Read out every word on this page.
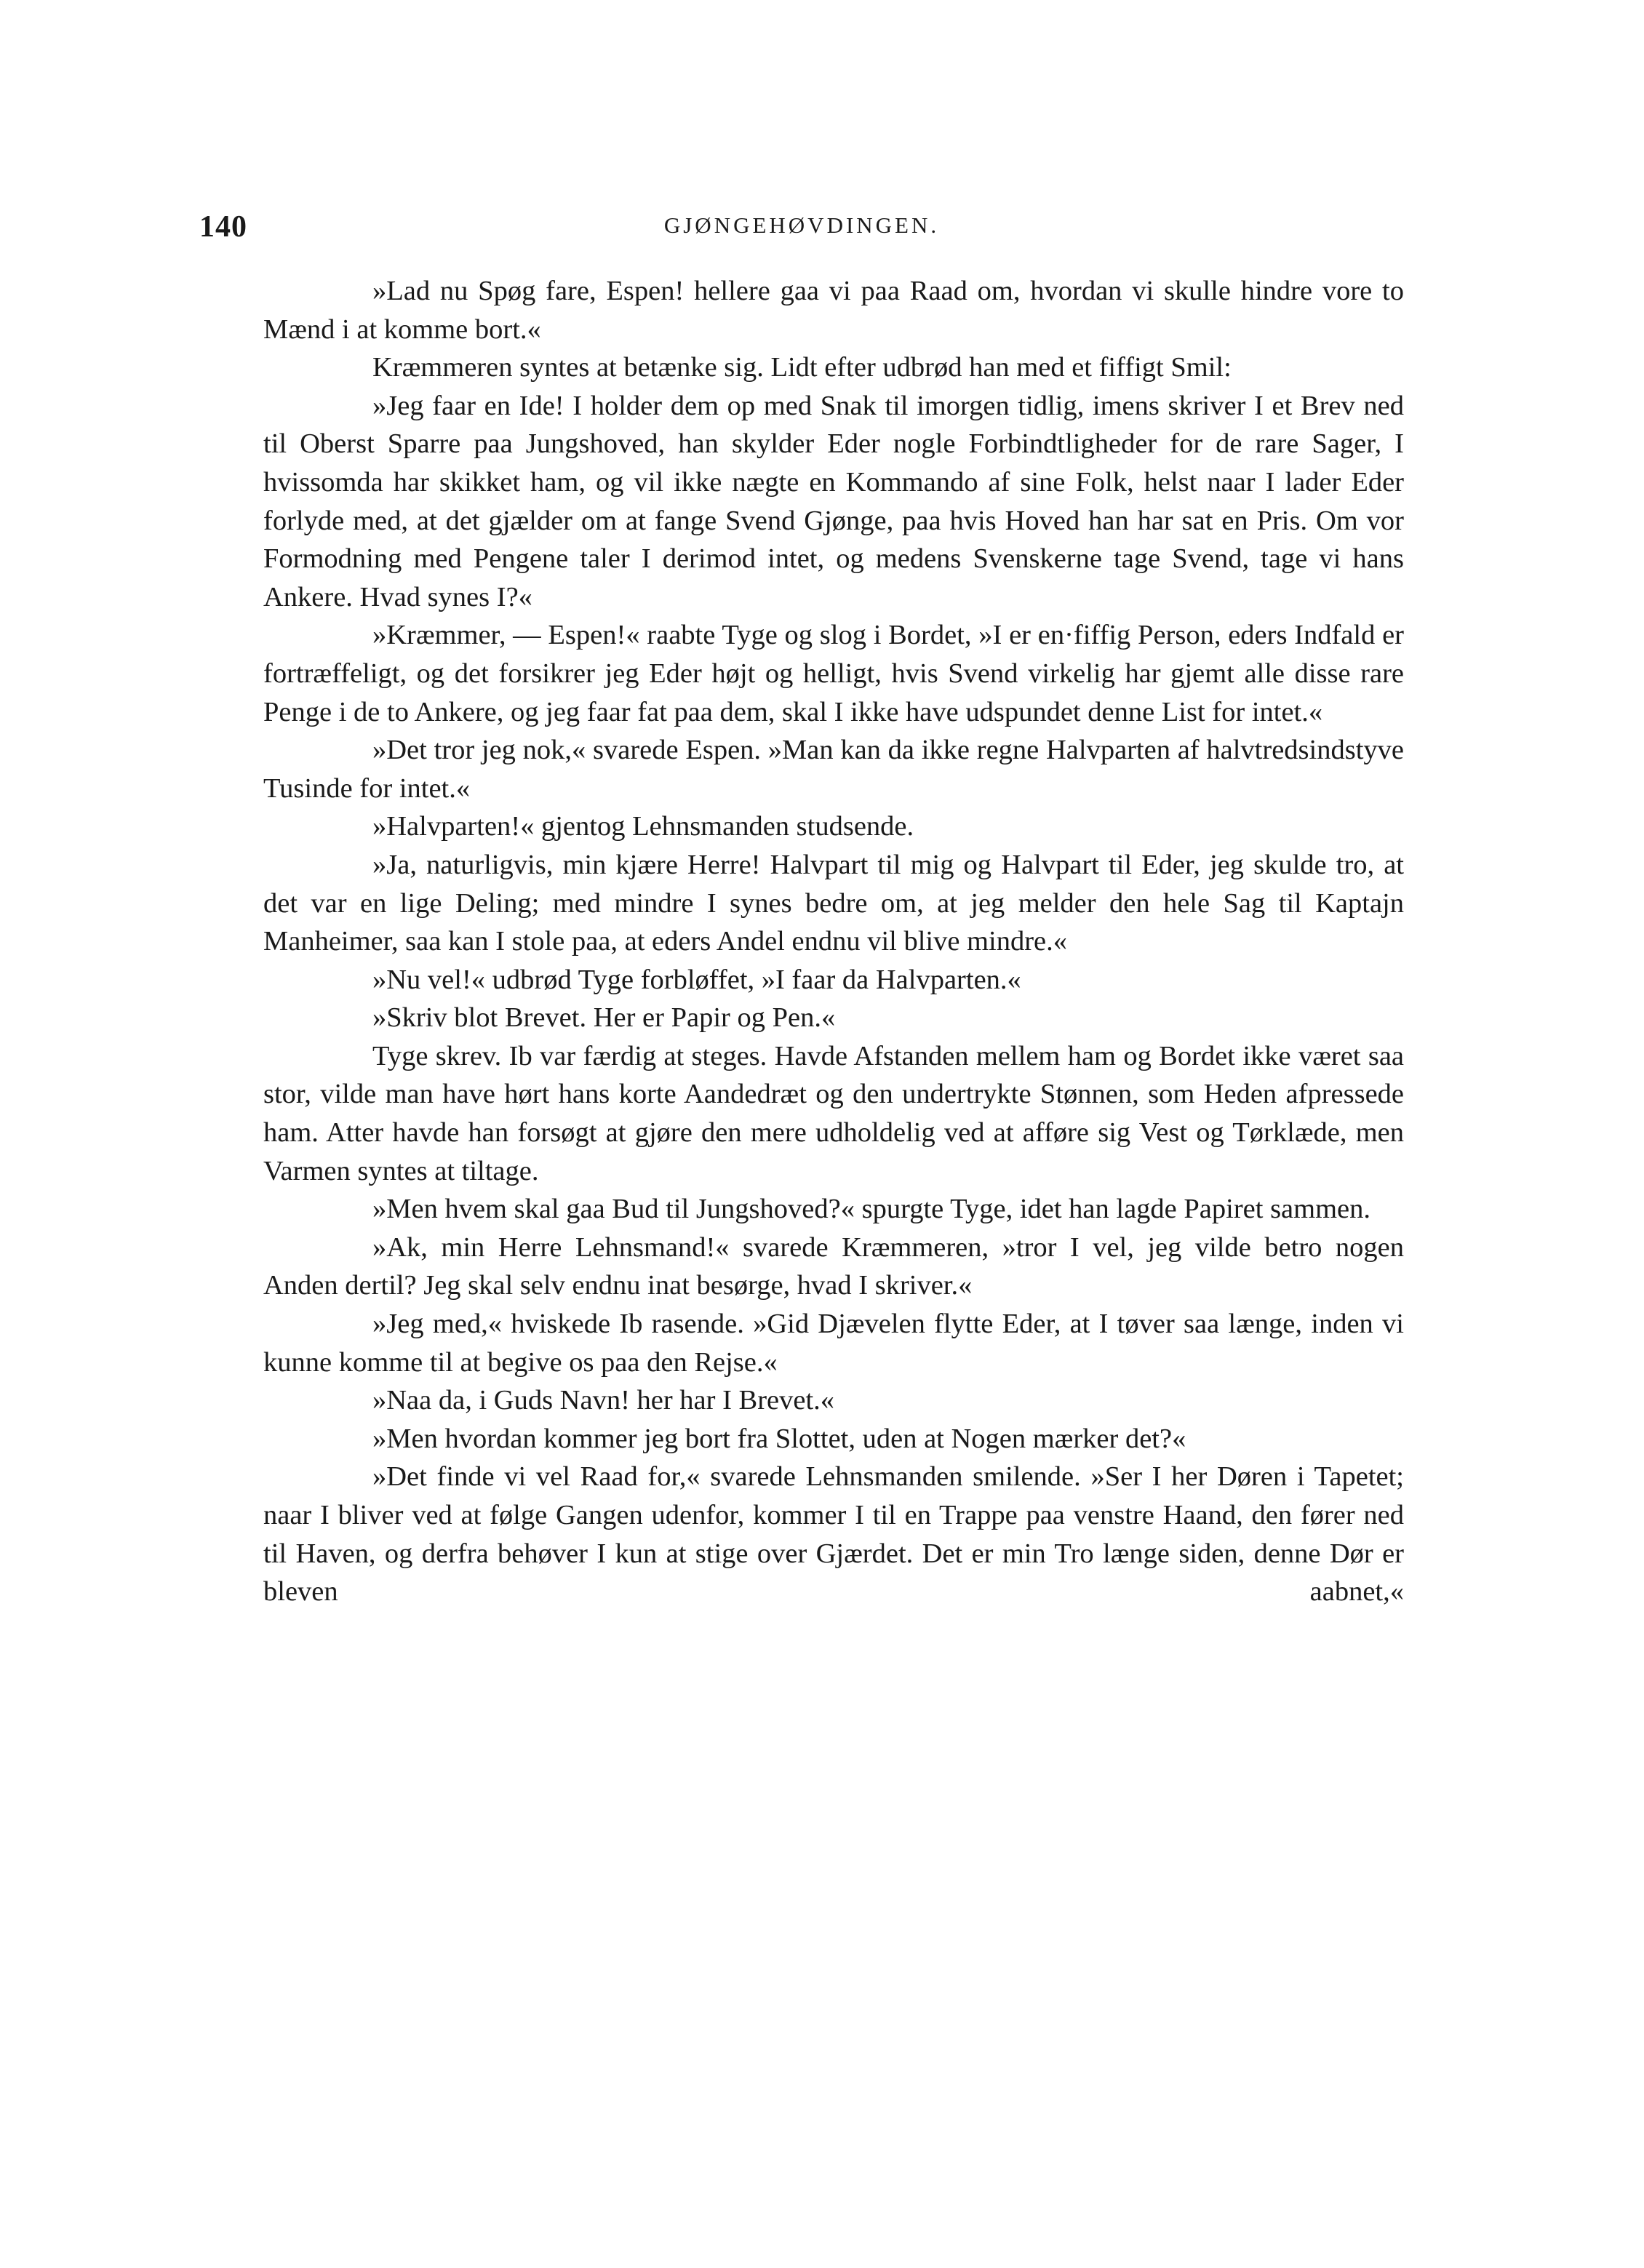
140	GJØNGEHØVDINGEN.

»Lad nu Spøg fare, Espen! hellere gaa vi paa Raad om, hvordan vi skulle hindre vore to Mænd i at komme bort.«

Kræmmeren syntes at betænke sig. Lidt efter udbrød han med et fiffigt Smil:

»Jeg faar en Ide! I holder dem op med Snak til imorgen tidlig, imens skriver I et Brev ned til Oberst Sparre paa Jungshoved, han skylder Eder nogle Forbindtligheder for de rare Sager, I hvissomda har skikket ham, og vil ikke nægte en Kommando af sine Folk, helst naar I lader Eder forlyde med, at det gjælder om at fange Svend Gjønge, paa hvis Hoved han har sat en Pris. Om vor Formodning med Pengene taler I derimod intet, og medens Svenskerne tage Svend, tage vi hans Ankere. Hvad synes I?«

»Kræmmer, — Espen!« raabte Tyge og slog i Bordet, »I er en·fiffig Person, eders Indfald er fortræffeligt, og det forsikrer jeg Eder højt og helligt, hvis Svend virkelig har gjemt alle disse rare Penge i de to Ankere, og jeg faar fat paa dem, skal I ikke have udspundet denne List for intet.«

»Det tror jeg nok,« svarede Espen. »Man kan da ikke regne Halvparten af halvtredsindstyve Tusinde for intet.«

»Halvparten!« gjentog Lehnsmanden studsende.

»Ja, naturligvis, min kjære Herre! Halvpart til mig og Halvpart til Eder, jeg skulde tro, at det var en lige Deling; med mindre I synes bedre om, at jeg melder den hele Sag til Kaptajn Manheimer, saa kan I stole paa, at eders Andel endnu vil blive mindre.«

»Nu vel!« udbrød Tyge forbløffet, »I faar da Halvparten.«

»Skriv blot Brevet. Her er Papir og Pen.«

Tyge skrev. Ib var færdig at steges. Havde Afstanden mellem ham og Bordet ikke været saa stor, vilde man have hørt hans korte Aandedræt og den undertrykte Stønnen, som Heden afpressede ham. Atter havde han forsøgt at gjøre den mere udholdelig ved at afføre sig Vest og Tørklæde, men Varmen syntes at tiltage.

»Men hvem skal gaa Bud til Jungshoved?« spurgte Tyge, idet han lagde Papiret sammen.

»Ak, min Herre Lehnsmand!« svarede Kræmmeren, »tror I vel, jeg vilde betro nogen Anden dertil? Jeg skal selv endnu inat besørge, hvad I skriver.«

»Jeg med,« hviskede Ib rasende. »Gid Djævelen flytte Eder, at I tøver saa længe, inden vi kunne komme til at begive os paa den Rejse.«

»Naa da, i Guds Navn! her har I Brevet.«

»Men hvordan kommer jeg bort fra Slottet, uden at Nogen mærker det?«

»Det finde vi vel Raad for,« svarede Lehnsmanden smilende. »Ser I her Døren i Tapetet; naar I bliver ved at følge Gangen udenfor, kommer I til en Trappe paa venstre Haand, den fører ned til Haven, og derfra behøver I kun at stige over Gjærdet. Det er min Tro længe siden, denne Dør er bleven aabnet,«
